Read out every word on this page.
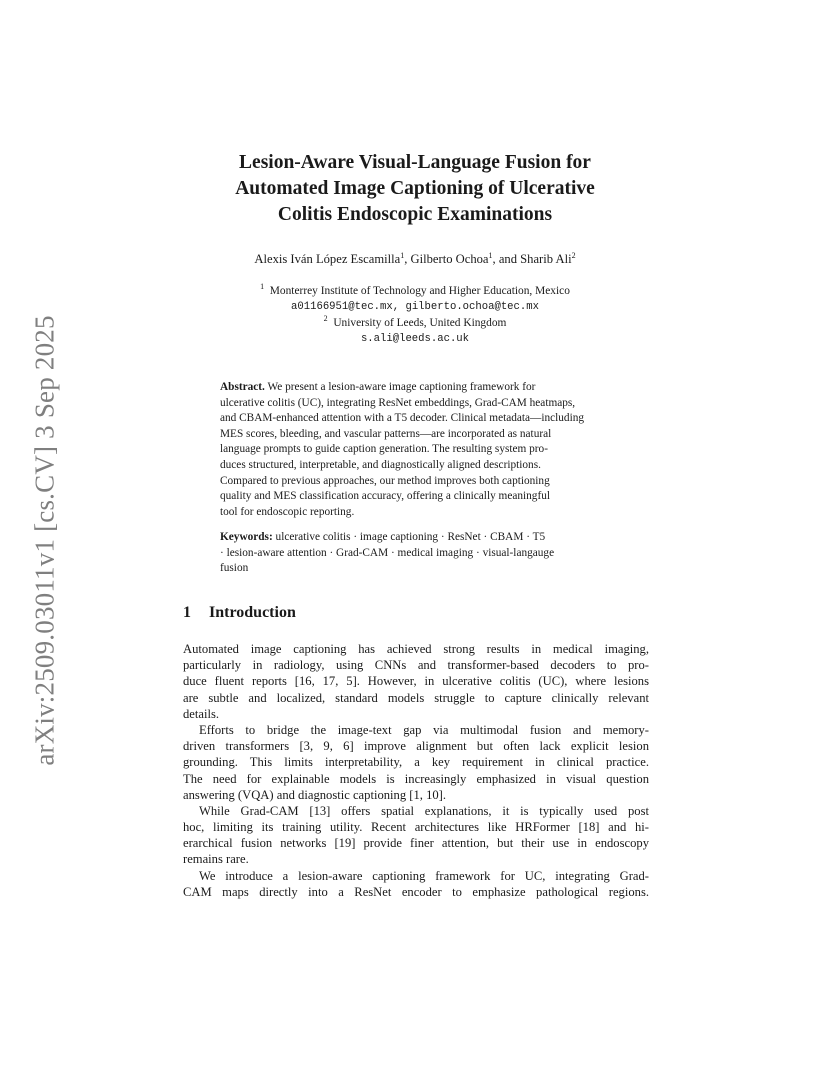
arXiv:2509.03011v1 [cs.CV] 3 Sep 2025
Lesion-Aware Visual-Language Fusion for
Automated Image Captioning of Ulcerative
Colitis Endoscopic Examinations
Alexis Iván López Escamilla$^1$, Gilberto Ochoa$^1$, and Sharib Ali$^2$
$^1$ Monterrey Institute of Technology and Higher Education, Mexico
a01166951@tec.mx, gilberto.ochoa@tec.mx
$^2$ University of Leeds, United Kingdom
s.ali@leeds.ac.uk
Abstract. We present a lesion-aware image captioning framework for
ulcerative colitis (UC), integrating ResNet embeddings, Grad-CAM heatmaps,
and CBAM-enhanced attention with a T5 decoder. Clinical metadata—including
MES scores, bleeding, and vascular patterns—are incorporated as natural
language prompts to guide caption generation. The resulting system pro-
duces structured, interpretable, and diagnostically aligned descriptions.
Compared to previous approaches, our method improves both captioning
quality and MES classification accuracy, offering a clinically meaningful
tool for endoscopic reporting.
Keywords: ulcerative colitis · image captioning · ResNet · CBAM · T5
· lesion-aware attention · Grad-CAM · medical imaging · visual-langauge
fusion
1 Introduction
Automated image captioning has achieved strong results in medical imaging,
particularly in radiology, using CNNs and transformer-based decoders to pro-
duce fluent reports [16, 17, 5]. However, in ulcerative colitis (UC), where lesions
are subtle and localized, standard models struggle to capture clinically relevant
details.
Efforts to bridge the image-text gap via multimodal fusion and memory-
driven transformers [3, 9, 6] improve alignment but often lack explicit lesion
grounding. This limits interpretability, a key requirement in clinical practice.
The need for explainable models is increasingly emphasized in visual question
answering (VQA) and diagnostic captioning [1, 10].
While Grad-CAM [13] offers spatial explanations, it is typically used post
hoc, limiting its training utility. Recent architectures like HRFormer [18] and hi-
erarchical fusion networks [19] provide finer attention, but their use in endoscopy
remains rare.
We introduce a lesion-aware captioning framework for UC, integrating Grad-
CAM maps directly into a ResNet encoder to emphasize pathological regions.
